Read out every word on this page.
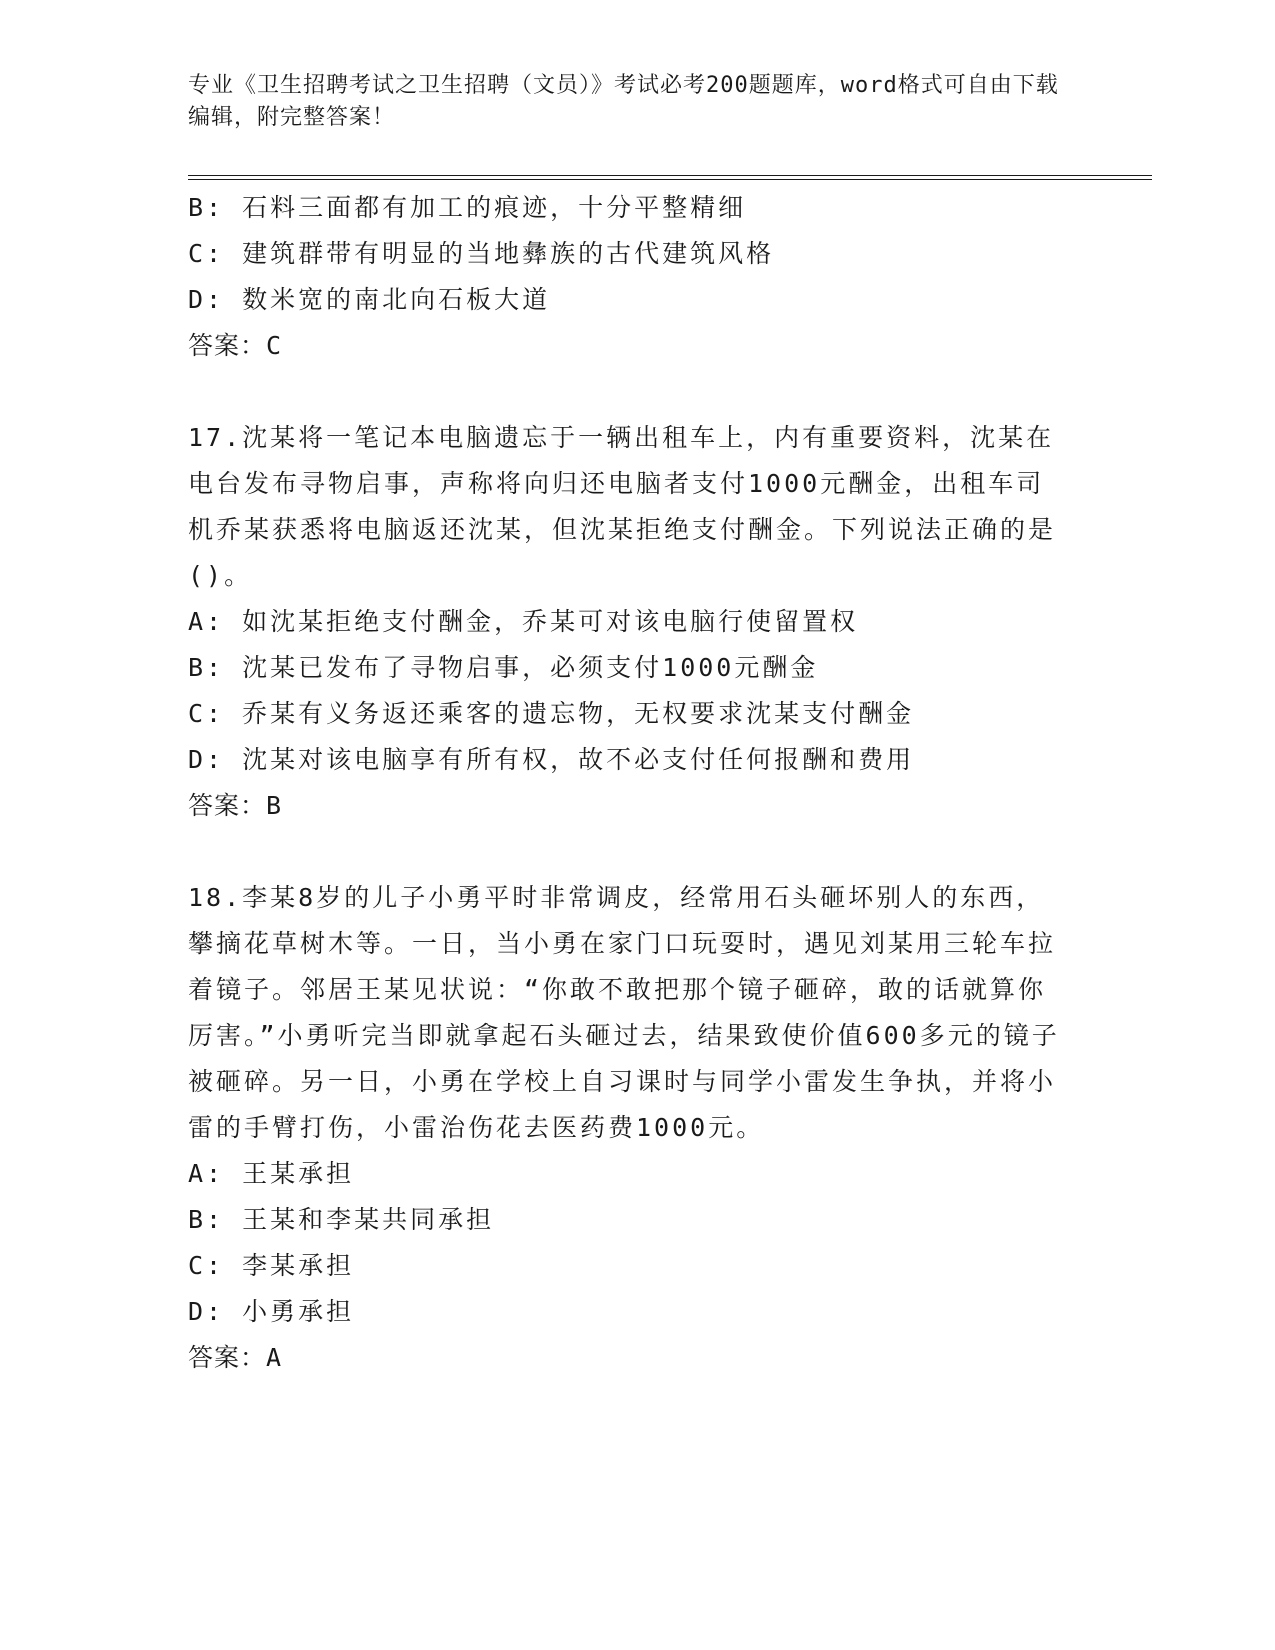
专业《卫生招聘考试之卫生招聘（文员）》考试必考200题题库，word格式可自由下载编辑，附完整答案！

B: 石料三面都有加工的痕迹，十分平整精细

C: 建筑群带有明显的当地彝族的古代建筑风格

D: 数米宽的南北向石板大道

答案：C

17.沈某将一笔记本电脑遗忘于一辆出租车上，内有重要资料，沈某在电台发布寻物启事，声称将向归还电脑者支付1000元酬金，出租车司机乔某获悉将电脑返还沈某，但沈某拒绝支付酬金。下列说法正确的是()。

A: 如沈某拒绝支付酬金，乔某可对该电脑行使留置权

B: 沈某已发布了寻物启事，必须支付1000元酬金

C: 乔某有义务返还乘客的遗忘物，无权要求沈某支付酬金

D: 沈某对该电脑享有所有权，故不必支付任何报酬和费用

答案：B

18.李某8岁的儿子小勇平时非常调皮，经常用石头砸坏别人的东西，攀摘花草树木等。一日，当小勇在家门口玩耍时，遇见刘某用三轮车拉着镜子。邻居王某见状说：“你敢不敢把那个镜子砸碎，敢的话就算你厉害。”小勇听完当即就拿起石头砸过去，结果致使价值600多元的镜子被砸碎。另一日，小勇在学校上自习课时与同学小雷发生争执，并将小雷的手臂打伤，小雷治伤花去医药费1000元。

A: 王某承担

B: 王某和李某共同承担

C: 李某承担

D: 小勇承担

答案：A
